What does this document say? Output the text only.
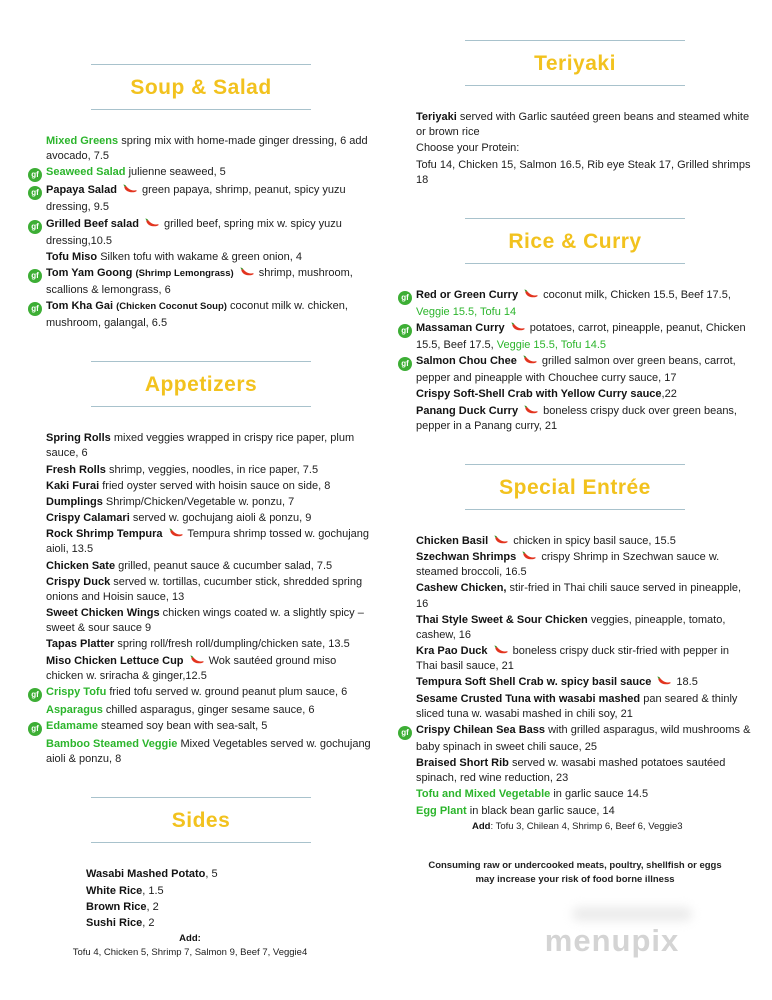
Soup & Salad
Mixed Greens spring mix with home-made ginger dressing, 6 add avocado, 7.5
gf Seaweed Salad julienne seaweed, 5
gf Papaya Salad green papaya, shrimp, peanut, spicy yuzu dressing, 9.5
gf Grilled Beef salad grilled beef, spring mix w. spicy yuzu dressing,10.5
Tofu Miso Silken tofu with wakame & green onion, 4
gf Tom Yam Goong (Shrimp Lemongrass) shrimp, mushroom, scallions & lemongrass, 6
gf Tom Kha Gai (Chicken Coconut Soup) coconut milk w. chicken, mushroom, galangal, 6.5
Appetizers
Spring Rolls mixed veggies wrapped in crispy rice paper, plum sauce, 6
Fresh Rolls shrimp, veggies, noodles, in rice paper, 7.5
Kaki Furai fried oyster served with hoisin sauce on side, 8
Dumplings Shrimp/Chicken/Vegetable w. ponzu, 7
Crispy Calamari served w. gochujang aioli & ponzu, 9
Rock Shrimp Tempura Tempura shrimp tossed w. gochujang aioli, 13.5
Chicken Sate grilled, peanut sauce & cucumber salad, 7.5
Crispy Duck served w. tortillas, cucumber stick, shredded spring onions and Hoisin sauce, 13
Sweet Chicken Wings chicken wings coated w. a slightly spicy – sweet & sour sauce 9
Tapas Platter spring roll/fresh roll/dumpling/chicken sate, 13.5
Miso Chicken Lettuce Cup Wok sautéed ground miso chicken w. sriracha & ginger,12.5
gf Crispy Tofu fried tofu served w. ground peanut plum sauce, 6
Asparagus chilled asparagus, ginger sesame sauce, 6
gf Edamame steamed soy bean with sea-salt, 5
Bamboo Steamed Veggie Mixed Vegetables served w. gochujang aioli & ponzu, 8
Sides
Wasabi Mashed Potato, 5
White Rice, 1.5
Brown Rice, 2
Sushi Rice, 2
Add:
Tofu 4, Chicken 5, Shrimp 7, Salmon 9, Beef 7, Veggie4
Teriyaki
Teriyaki served with Garlic sautéed green beans and steamed white or brown rice
Choose your Protein:
Tofu 14, Chicken 15, Salmon 16.5, Rib eye Steak 17, Grilled shrimps 18
Rice & Curry
gf Red or Green Curry coconut milk, Chicken 15.5, Beef 17.5, Veggie 15.5, Tofu 14
gf Massaman Curry potatoes, carrot, pineapple, peanut, Chicken 15.5, Beef 17.5, Veggie 15.5, Tofu 14.5
gf Salmon Chou Chee grilled salmon over green beans, carrot, pepper and pineapple with Chouchee curry sauce, 17
Crispy Soft-Shell Crab with Yellow Curry sauce,22
Panang Duck Curry boneless crispy duck over green beans, pepper in a Panang curry, 21
Special Entrée
Chicken Basil chicken in spicy basil sauce, 15.5
Szechwan Shrimps crispy Shrimp in Szechwan sauce w. steamed broccoli, 16.5
Cashew Chicken, stir-fried in Thai chili sauce served in pineapple, 16
Thai Style Sweet & Sour Chicken veggies, pineapple, tomato, cashew, 16
Kra Pao Duck boneless crispy duck stir-fried with pepper in Thai basil sauce, 21
Tempura Soft Shell Crab w. spicy basil sauce 18.5
Sesame Crusted Tuna with wasabi mashed pan seared & thinly sliced tuna w. wasabi mashed in chili soy, 21
gf Crispy Chilean Sea Bass with grilled asparagus, wild mushrooms & baby spinach in sweet chili sauce, 25
Braised Short Rib served w. wasabi mashed potatoes sautéed spinach, red wine reduction, 23
Tofu and Mixed Vegetable in garlic sauce 14.5
Egg Plant in black bean garlic sauce, 14
Add: Tofu 3, Chilean 4, Shrimp 6, Beef 6, Veggie3
Consuming raw or undercooked meats, poultry, shellfish or eggs may increase your risk of food borne illness
menupix
